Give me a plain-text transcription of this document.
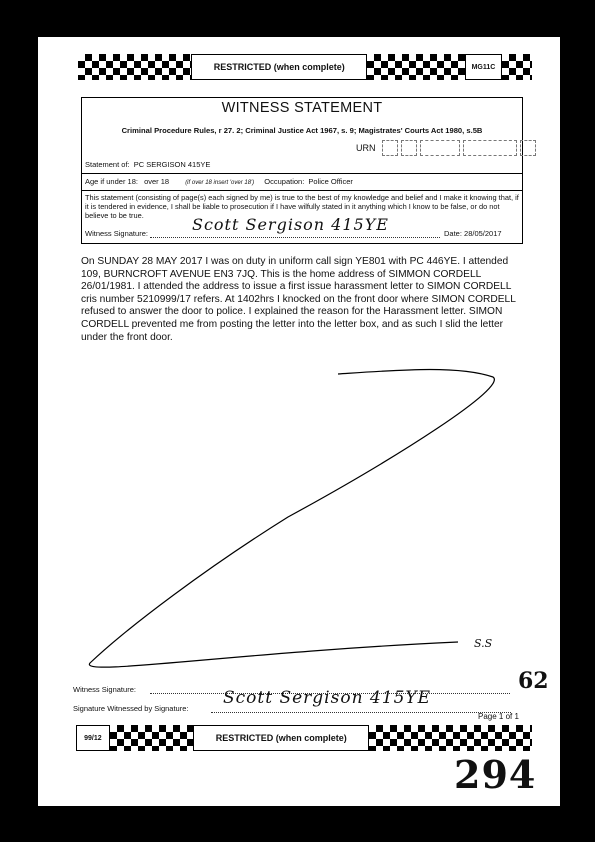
RESTRICTED (when complete)	MG11C
WITNESS STATEMENT
Criminal Procedure Rules, r 27. 2; Criminal Justice Act 1967, s. 9; Magistrates' Courts Act 1980, s.5B
URN
Statement of: PC SERGISON 415YE
Age if under 18: over 18	(if over 18 insert 'over 18') Occupation: Police Officer
This statement (consisting of page(s) each signed by me) is true to the best of my knowledge and belief and I make it knowing that, if it is tendered in evidence, I shall be liable to prosecution if I have wilfully stated in it anything which I know to be false, or do not believe to be true.
Witness Signature:	Scott Sergison 415YE	Date: 28/05/2017
On SUNDAY 28 MAY 2017 I was on duty in uniform call sign YE801 with PC 446YE. I attended 109, BURNCROFT AVENUE EN3 7JQ. This is the home address of SIMMON CORDELL 26/01/1981. I attended the address to issue a first issue harassment letter to SIMON CORDELL cris number 5210999/17 refers. At 1402hrs I knocked on the front door where SIMON CORDELL refused to answer the door to police. I explained the reason for the Harassment letter. SIMON CORDELL prevented me from posting the letter into the letter box, and as such I slid the letter under the front door.
S.S
Witness Signature:	62
Signature Witnessed by Signature:
Scott Sergison 415YE
Page 1 of 1
99/12	RESTRICTED (when complete)
294
